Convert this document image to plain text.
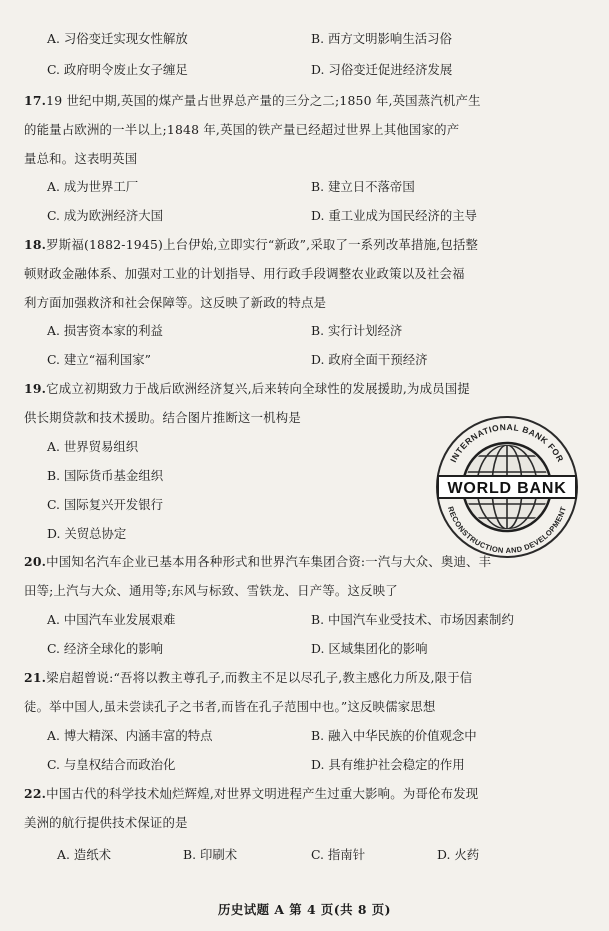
A. 习俗变迁实现女性解放	B. 西方文明影响生活习俗
C. 政府明令废止女子缠足	D. 习俗变迁促进经济发展
17.19 世纪中期,英国的煤产量占世界总产量的三分之二;1850 年,英国蒸汽机产生
的能量占欧洲的一半以上;1848 年,英国的铁产量已经超过世界上其他国家的产
量总和。这表明英国
A. 成为世界工厂	B. 建立日不落帝国
C. 成为欧洲经济大国	D. 重工业成为国民经济的主导
18.罗斯福(1882-1945)上台伊始,立即实行“新政”,采取了一系列改革措施,包括整
顿财政金融体系、加强对工业的计划指导、用行政手段调整农业政策以及社会福
利方面加强救济和社会保障等。这反映了新政的特点是
A. 损害资本家的利益	B. 实行计划经济
C. 建立“福利国家”	D. 政府全面干预经济
19.它成立初期致力于战后欧洲经济复兴,后来转向全球性的发展援助,为成员国提
供长期贷款和技术援助。结合图片推断这一机构是
A. 世界贸易组织
B. 国际货币基金组织
C. 国际复兴开发银行
D. 关贸总协定
INTERNATIONAL BANK FOR
RECONSTRUCTION AND DEVELOPMENT
WORLD BANK
20.中国知名汽车企业已基本用各种形式和世界汽车集团合资:一汽与大众、奥迪、丰
田等;上汽与大众、通用等;东风与标致、雪铁龙、日产等。这反映了
A. 中国汽车业发展艰难	B. 中国汽车业受技术、市场因素制约
C. 经济全球化的影响	D. 区域集团化的影响
21.梁启超曾说:“吾将以教主尊孔子,而教主不足以尽孔子,教主感化力所及,限于信
徒。举中国人,虽未尝读孔子之书者,而皆在孔子范围中也。”这反映儒家思想
A. 博大精深、内涵丰富的特点	B. 融入中华民族的价值观念中
C. 与皇权结合而政治化	D. 具有维护社会稳定的作用
22.中国古代的科学技术灿烂辉煌,对世界文明进程产生过重大影响。为哥伦布发现
美洲的航行提供技术保证的是
A. 造纸术	B. 印刷术	C. 指南针	D. 火药
历史试题 A 第 4 页(共 8 页)
